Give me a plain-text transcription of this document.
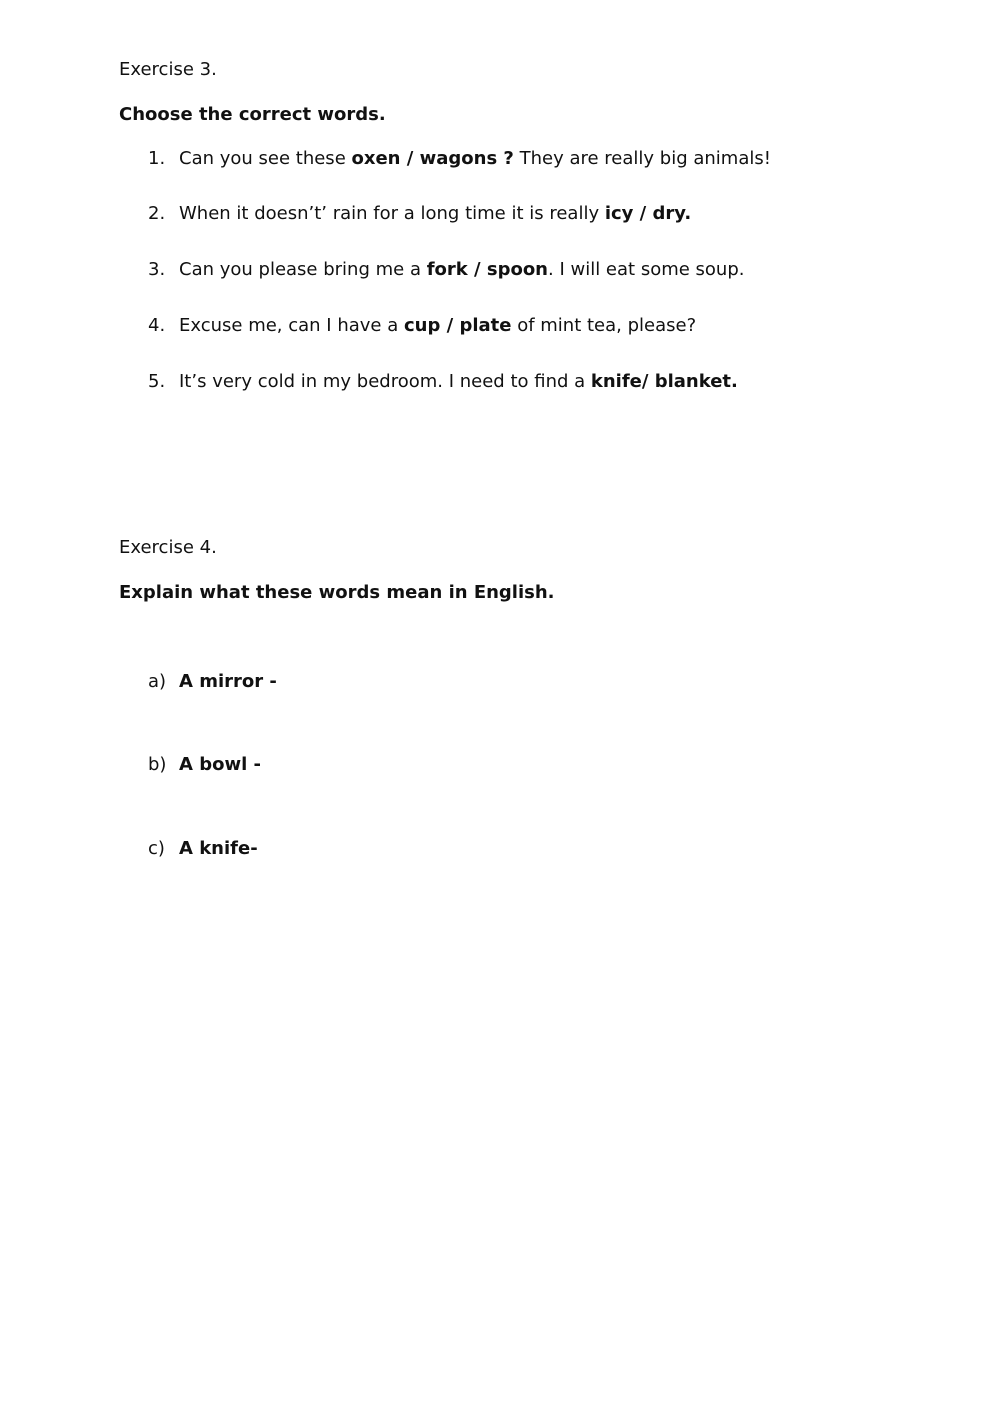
Exercise 3.
Choose the correct words.
1. Can you see these oxen / wagons ? They are really big animals!
2. When it doesn’t’ rain for a long time it is really icy / dry.
3. Can you please bring me a fork / spoon. I will eat some soup.
4. Excuse me, can I have a cup / plate of mint tea, please?
5. It’s very cold in my bedroom. I need to find a knife/ blanket.
Exercise 4.
Explain what these words mean in English.
a) A mirror -
b) A bowl -
c) A knife-
